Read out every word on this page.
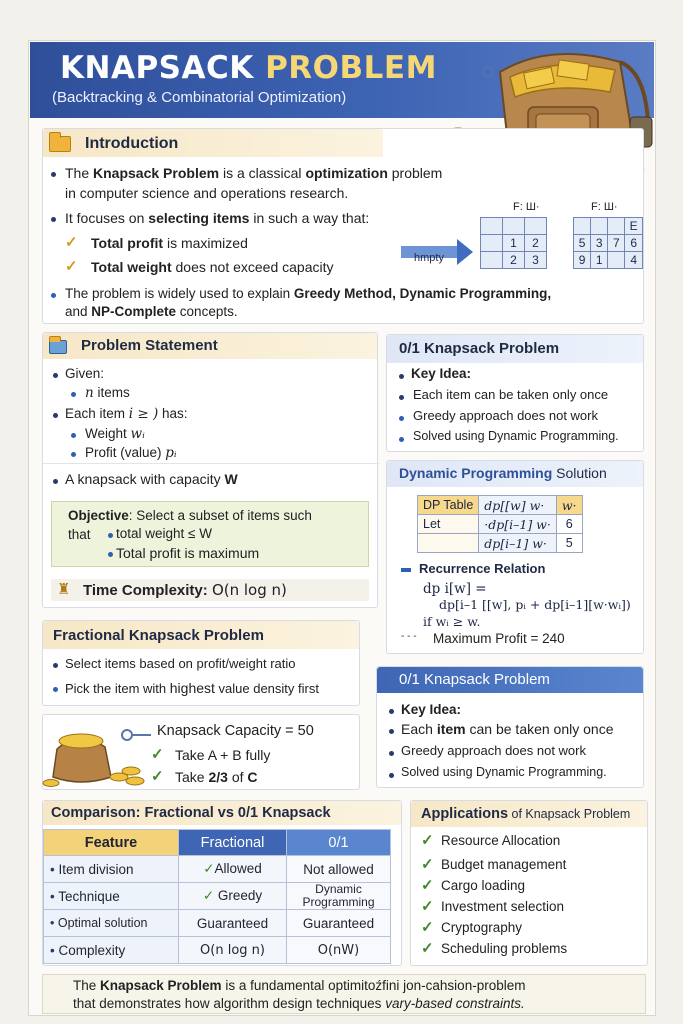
KNAPSACK PROBLEM
(Backtracking & Combinatorial Optimization)
Introduction
The Knapsack Problem is a classical optimization problem
in computer science and operations research.
It focuses on selecting items in such a way that:
✓ Total profit is maximized
✓ Total weight does not exceed capacity
The problem is widely used to explain Greedy Method, Dynamic Programming,
and NP-Complete concepts.
hmpty
F: Ш·

	1	2
	2	3
F: Ш·
			E
5	3	7	6
9	1		4
Problem Statement
Given:
n items
Each item i ≥ ) has:
Weight wᵢ
Profit (value) pᵢ
A knapsack with capacity W
Objective: Select a subset of items such
that total weight ≤ W
Total profit is maximum
♜ Time Complexity: O(n log n)
0/1 Knapsack Problem
Key Idea:
Each item can be taken only once
Greedy approach does not work
Solved using Dynamic Programming.
Dynamic Programming Solution
DP Table	dp[[w] w·	w·
Let	·dp[i–1] w·	6
	dp[i–1] w·	5
Recurrence Relation
dp i[w] =
dp[i–1 [[w], pᵢ + dp[i–1][w·wᵢ])
if wᵢ ≥ w.
- - - Maximum Profit = 240
Fractional Knapsack Problem
Select items based on profit/weight ratio
Pick the item with highest value density first
Knapsack Capacity = 50
✓ Take A + B fully
✓ Take 2/3 of C
0/1 Knapsack Problem
Key Idea:
Each item can be taken only once
Greedy approach does not work
Solved using Dynamic Programming.
Comparison: Fractional vs 0/1 Knapsack
Feature	Fractional	0/1
• Item division	✓Allowed	Not allowed
• Technique	✓ Greedy	Dynamic Programming
• Optimal solution	Guaranteed	Guaranteed
• Complexity	O(n log n)	O(nW)
Applications of Knapsack Problem
✓ Resource Allocation
✓ Budget management
✓ Cargo loading
✓ Investment selection
✓ Cryptography
✓ Scheduling problems
The Knapsack Problem is a fundamental optimitoźfini jon-cahsion-problem
that demonstrates how algorithm design techniques vary-based constraints.
